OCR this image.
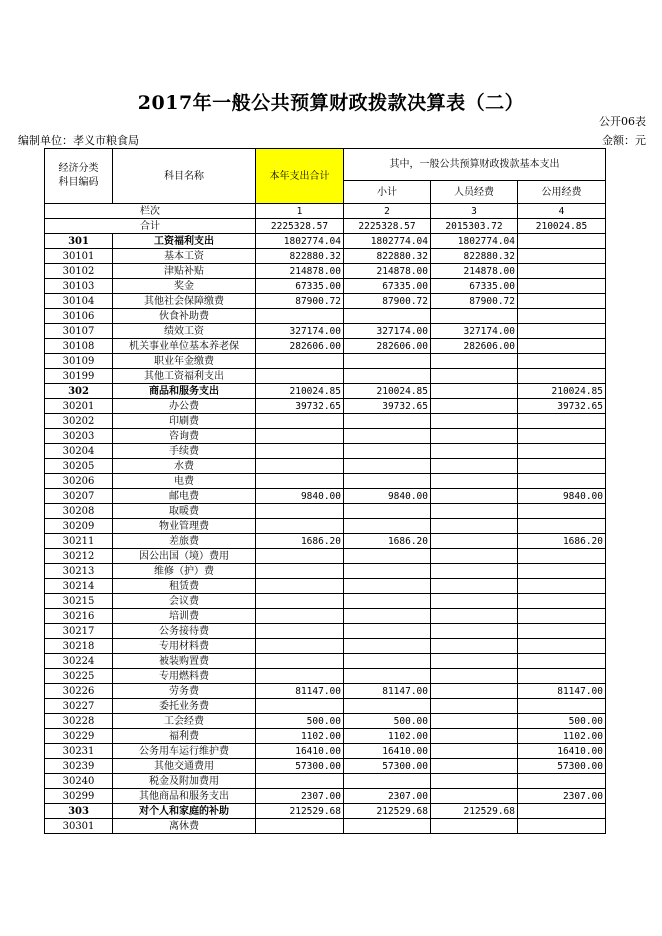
2017年一般公共预算财政拨款决算表（二）
公开06表
编制单位：孝义市粮食局	金额：元
经济分类
科目编码	科目名称	本年支出合计	其中，一般公共预算财政拨款基本支出		
			小计	人员经费	公用经费
栏次		1	2	3	4
合计		2225328.57	2225328.57	2015303.72	210024.85
301	工资福利支出	1802774.04	1802774.04	1802774.04	
30101	基本工资	822880.32	822880.32	822880.32	
30102	津贴补贴	214878.00	214878.00	214878.00	
30103	奖金	67335.00	67335.00	67335.00	
30104	其他社会保障缴费	87900.72	87900.72	87900.72	
30106	伙食补助费				
30107	绩效工资	327174.00	327174.00	327174.00	
30108	机关事业单位基本养老保	282606.00	282606.00	282606.00	
30109	职业年金缴费				
30199	其他工资福利支出				
302	商品和服务支出	210024.85	210024.85		210024.85
30201	办公费	39732.65	39732.65		39732.65
30202	印刷费				
30203	咨询费				
30204	手续费				
30205	水费				
30206	电费				
30207	邮电费	9840.00	9840.00		9840.00
30208	取暖费				
30209	物业管理费				
30211	差旅费	1686.20	1686.20		1686.20
30212	因公出国（境）费用				
30213	维修（护）费				
30214	租赁费				
30215	会议费				
30216	培训费				
30217	公务接待费				
30218	专用材料费				
30224	被装购置费				
30225	专用燃料费				
30226	劳务费	81147.00	81147.00		81147.00
30227	委托业务费				
30228	工会经费	500.00	500.00		500.00
30229	福利费	1102.00	1102.00		1102.00
30231	公务用车运行维护费	16410.00	16410.00		16410.00
30239	其他交通费用	57300.00	57300.00		57300.00
30240	税金及附加费用				
30299	其他商品和服务支出	2307.00	2307.00		2307.00
303	对个人和家庭的补助	212529.68	212529.68	212529.68	
30301	离休费				
